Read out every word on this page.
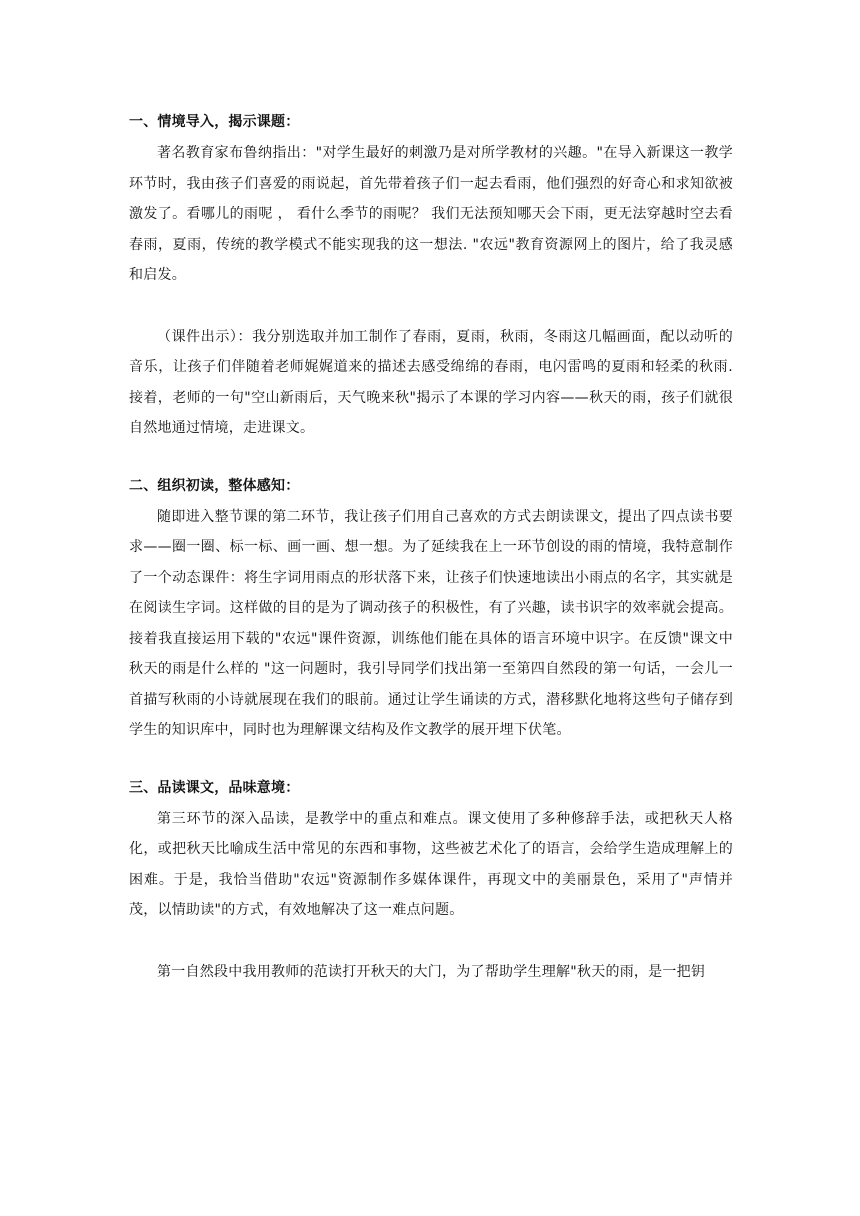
一、情境导入，揭示课题：

著名教育家布鲁纳指出："对学生最好的刺激乃是对所学教材的兴趣。"在导入新课这一教学环节时，我由孩子们喜爱的雨说起，首先带着孩子们一起去看雨，他们强烈的好奇心和求知欲被激发了。看哪儿的雨呢 ， 看什么季节的雨呢？ 我们无法预知哪天会下雨，更无法穿越时空去看春雨，夏雨，传统的教学模式不能实现我的这一想法. "农远"教育资源网上的图片，给了我灵感和启发。

（课件出示）：我分别选取并加工制作了春雨，夏雨，秋雨，冬雨这几幅画面，配以动听的音乐，让孩子们伴随着老师娓娓道来的描述去感受绵绵的春雨，电闪雷鸣的夏雨和轻柔的秋雨. 接着，老师的一句"空山新雨后，天气晚来秋"揭示了本课的学习内容——秋天的雨，孩子们就很自然地通过情境，走进课文。

二、组织初读，整体感知：

随即进入整节课的第二环节，我让孩子们用自己喜欢的方式去朗读课文，提出了四点读书要求——圈一圈、标一标、画一画、想一想。为了延续我在上一环节创设的雨的情境，我特意制作了一个动态课件：将生字词用雨点的形状落下来，让孩子们快速地读出小雨点的名字，其实就是在阅读生字词。这样做的目的是为了调动孩子的积极性，有了兴趣，读书识字的效率就会提高。接着我直接运用下载的"农远"课件资源，训练他们能在具体的语言环境中识字。在反馈"课文中秋天的雨是什么样的 "这一问题时，我引导同学们找出第一至第四自然段的第一句话，一会儿一首描写秋雨的小诗就展现在我们的眼前。通过让学生诵读的方式，潜移默化地将这些句子储存到学生的知识库中，同时也为理解课文结构及作文教学的展开埋下伏笔。

三、品读课文，品味意境：

第三环节的深入品读，是教学中的重点和难点。课文使用了多种修辞手法，或把秋天人格化，或把秋天比喻成生活中常见的东西和事物，这些被艺术化了的语言，会给学生造成理解上的困难。于是，我恰当借助"农远"资源制作多媒体课件，再现文中的美丽景色，采用了"声情并茂，以情助读"的方式，有效地解决了这一难点问题。

第一自然段中我用教师的范读打开秋天的大门，为了帮助学生理解"秋天的雨，是一把钥
